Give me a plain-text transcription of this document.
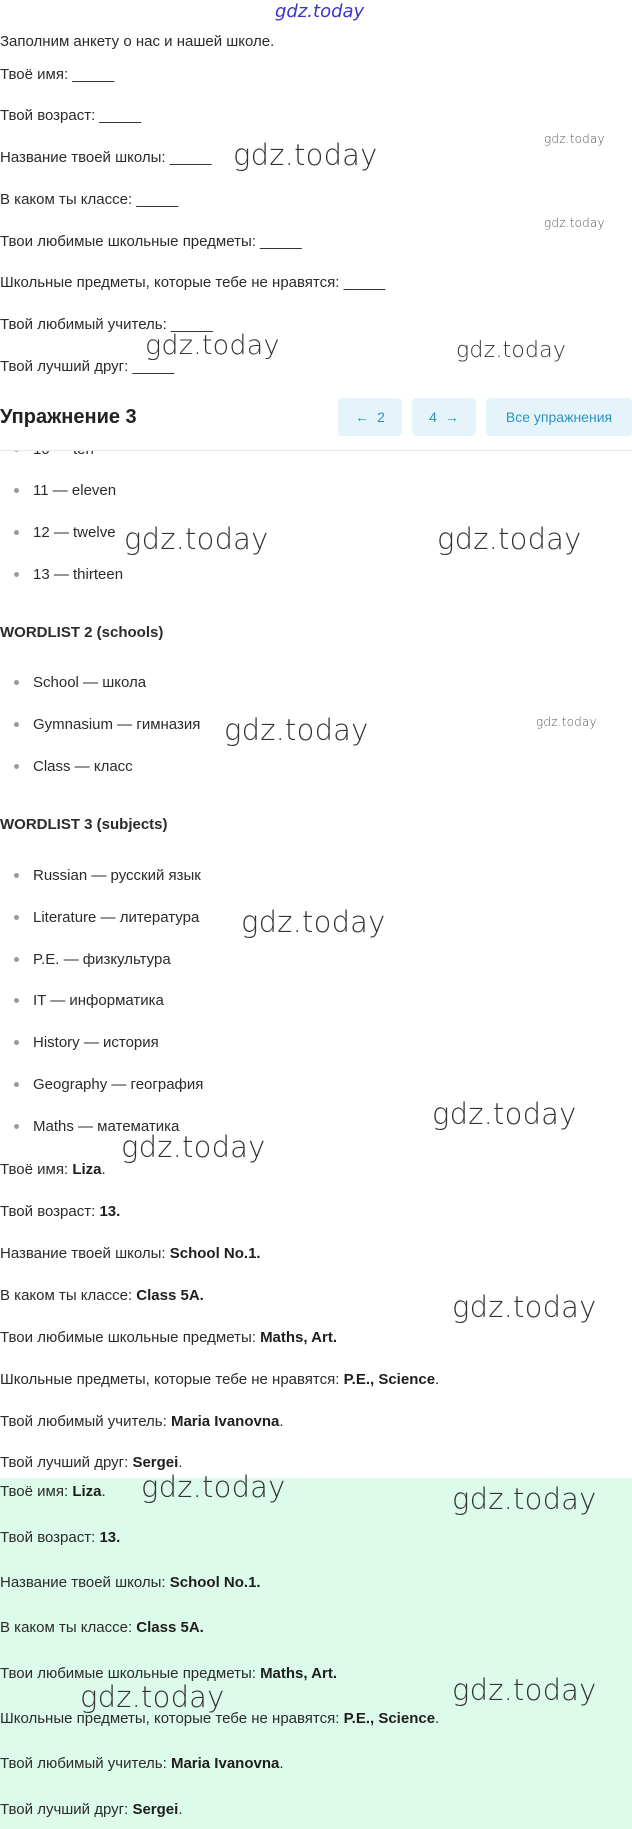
gdz.today
Заполним анкету о нас и нашей школе.
Твоё имя: _____
Твой возраст: _____
Название твоей школы: _____
В каком ты классе: _____
Твои любимые школьные предметы: _____
Школьные предметы, которые тебе не нравятся: _____
Твой любимый учитель: _____
Твой лучший друг: _____
11 — eleven
12 — twelve
13 — thirteen
Упражнение 3	← 2	4 →	Все упражнения
WORDLIST 2 (schools)
School — школа
Gymnasium — гимназия
Class — класс
WORDLIST 3 (subjects)
Russian — русский язык
Literature — литература
P.E. — физкультура
IT — информатика
History — история
Geography — география
Maths — математика
Твоё имя: Liza.
Твой возраст: 13.
Название твоей школы: School No.1.
В каком ты классе: Class 5A.
Твои любимые школьные предметы: Maths, Art.
Школьные предметы, которые тебе не нравятся: P.E., Science.
Твой любимый учитель: Maria Ivanovna.
Твой лучший друг: Sergei.
Твоё имя: Liza.
Твой возраст: 13.
Название твоей школы: School No.1.
В каком ты классе: Class 5A.
Твои любимые школьные предметы: Maths, Art.
Школьные предметы, которые тебе не нравятся: P.E., Science.
Твой любимый учитель: Maria Ivanovna.
Твой лучший друг: Sergei.
gdz.today
gdz.today
gdz.today
gdz.today	gdz.today
gdz.today	gdz.today
gdz.today
gdz.today
gdz.today
gdz.today
gdz.today
gdz.today
gdz.today	gdz.today
gdz.today	gdz.today
